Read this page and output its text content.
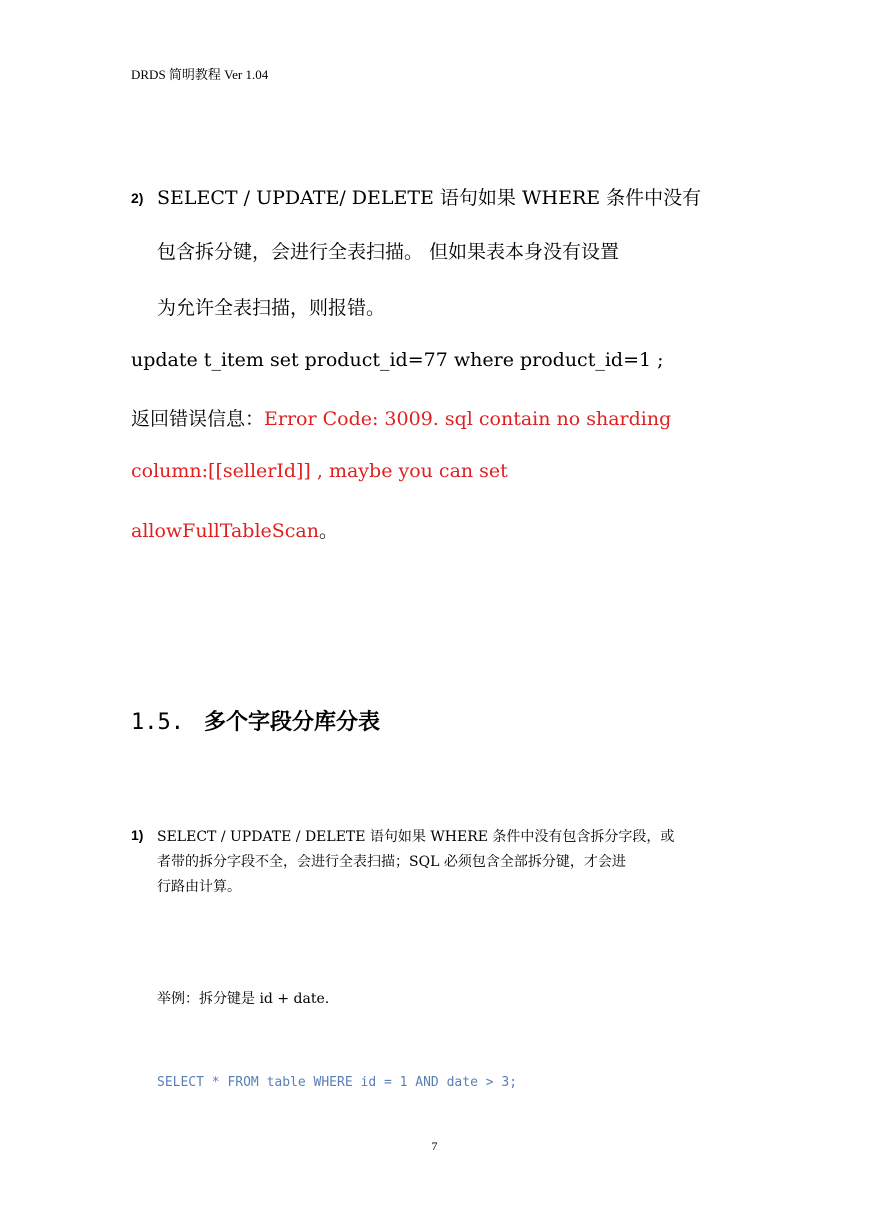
DRDS 简明教程 Ver 1.04
2) SELECT / UPDATE/ DELETE 语句如果 WHERE 条件中没有
包含拆分键，会进行全表扫描。 但如果表本身没有设置
为允许全表扫描，则报错。
update t_item set product_id=77 where product_id=1 ;
返回错误信息：Error Code: 3009. sql contain no sharding
column:[[sellerId]] , maybe you can set
allowFullTableScan。
1.5. 多个字段分库分表
1) SELECT / UPDATE / DELETE 语句如果 WHERE 条件中没有包含拆分字段，或
者带的拆分字段不全，会进行全表扫描；SQL 必须包含全部拆分键，才会进
行路由计算。
举例：拆分键是 id + date.
SELECT * FROM table WHERE id = 1 AND date > 3;
7
